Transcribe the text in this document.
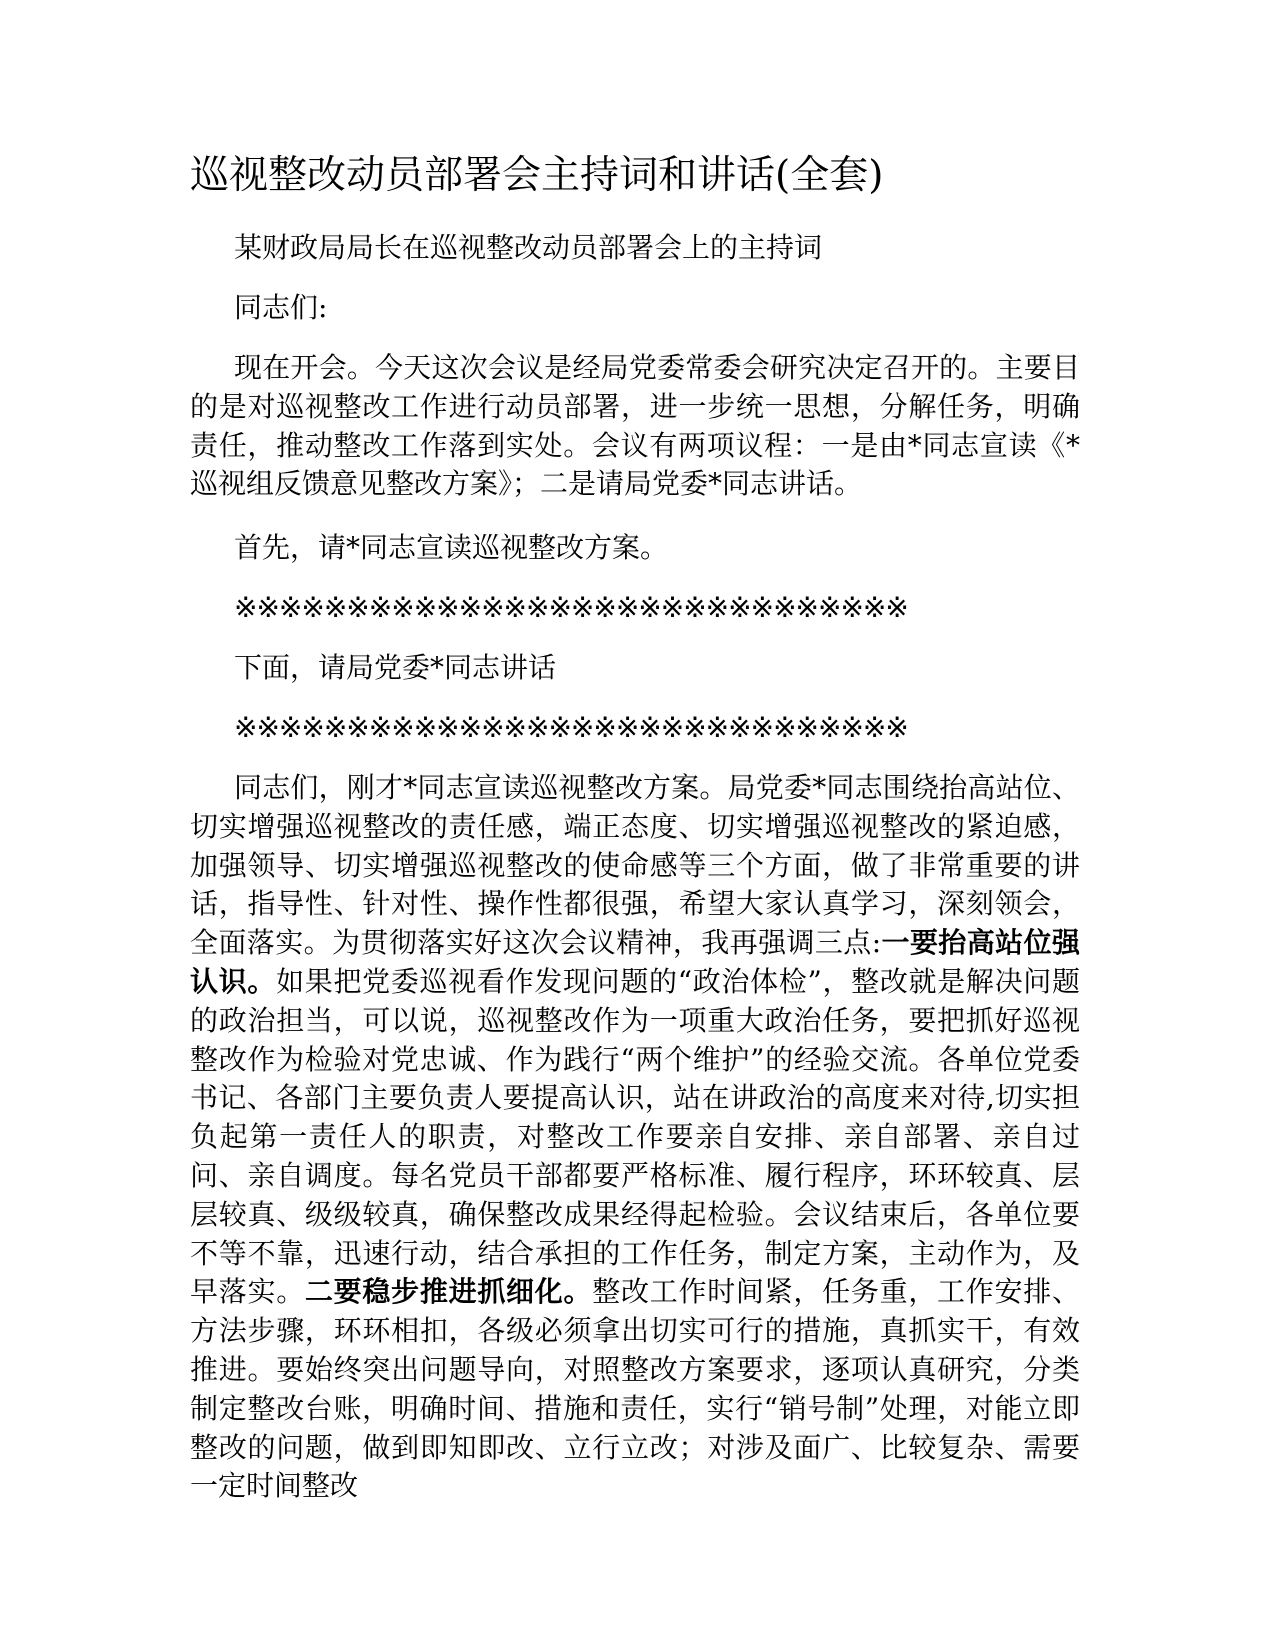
巡视整改动员部署会主持词和讲话(全套)

某财政局局长在巡视整改动员部署会上的主持词

同志们:

现在开会。今天这次会议是经局党委常委会研究决定召开的。主要目的是对巡视整改工作进行动员部署，进一步统一思想，分解任务，明确责任，推动整改工作落到实处。会议有两项议程：一是由*同志宣读《*巡视组反馈意见整改方案》；二是请局党委*同志讲话。

首先，请*同志宣读巡视整改方案。

※※※※※※※※※※※※※※※※※※※※※※※※※※※※※※

下面，请局党委*同志讲话

※※※※※※※※※※※※※※※※※※※※※※※※※※※※※※

同志们，刚才*同志宣读巡视整改方案。局党委*同志围绕抬高站位、切实增强巡视整改的责任感，端正态度、切实增强巡视整改的紧迫感，加强领导、切实增强巡视整改的使命感等三个方面，做了非常重要的讲话，指导性、针对性、操作性都很强，希望大家认真学习，深刻领会，全面落实。为贯彻落实好这次会议精神，我再强调三点:一要抬高站位强认识。如果把党委巡视看作发现问题的“政治体检”，整改就是解决问题的政治担当，可以说，巡视整改作为一项重大政治任务，要把抓好巡视整改作为检验对党忠诚、作为践行“两个维护”的经验交流。各单位党委书记、各部门主要负责人要提高认识，站在讲政治的高度来对待,切实担负起第一责任人的职责，对整改工作要亲自安排、亲自部署、亲自过问、亲自调度。每名党员干部都要严格标准、履行程序，环环较真、层层较真、级级较真，确保整改成果经得起检验。会议结束后，各单位要不等不靠，迅速行动，结合承担的工作任务，制定方案，主动作为，及早落实。二要稳步推进抓细化。整改工作时间紧，任务重，工作安排、方法步骤，环环相扣，各级必须拿出切实可行的措施，真抓实干，有效推进。要始终突出问题导向，对照整改方案要求，逐项认真研究，分类制定整改台账，明确时间、措施和责任，实行“销号制”处理，对能立即整改的问题，做到即知即改、立行立改；对涉及面广、比较复杂、需要一定时间整改
